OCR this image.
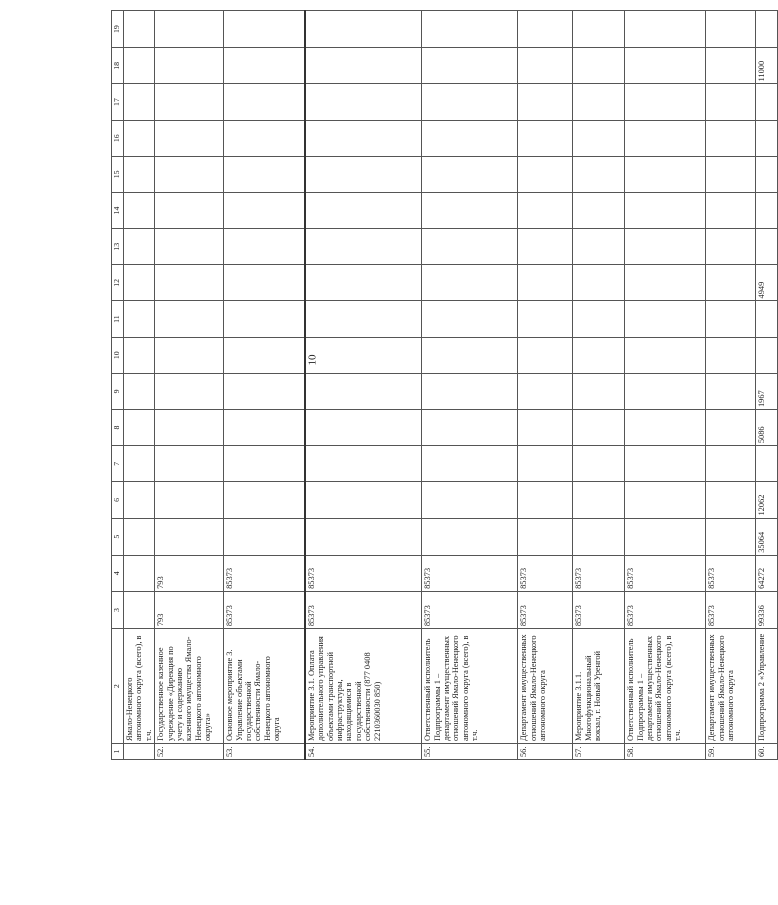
10
1	2	3	4	5	6	7	8	9	10	11	12	13	14	15	16	17	18	19
	Ямало-Ненецкого автономного округа (всего), в т.ч.																	
52.	Государственное казенное учреждение «Дирекция по учету и содержанию казенного имущества Ямало-Ненецкого автономного округа»	793	793															
53.	Основное мероприятие 3. Управление объектами государственной собственности Ямало-Ненецкого автономного округа	85373	85373															
54.	Мероприятие 3.1. Оплата дополнительного управления объектами транспортной инфраструктуры, находящимися в государственной собственности (877 0408 2210360030 850)	85373	85373															
55.	Ответственный исполнитель Подпрограммы 1 – департамент имущественных отношений Ямало-Ненецкого автономного округа (всего), в т.ч.	85373	85373															
56.	Департамент имущественных отношений Ямало-Ненецкого автономного округа	85373	85373															
57.	Мероприятие 3.1.1. Многофункциональный вокзал, г. Новый Уренгой	85373	85373															
58.	Ответственный исполнитель Подпрограммы 1 – департамент имущественных отношений Ямало-Ненецкого автономного округа (всего), в т.ч.	85373	85373															
59.	Департамент имущественных отношений Ямало-Ненецкого автономного округа	85373	85373															
60.	Подпрограмма 2 «Управление	99336	64272	35064	12062		5086	1967			4949						11000	
